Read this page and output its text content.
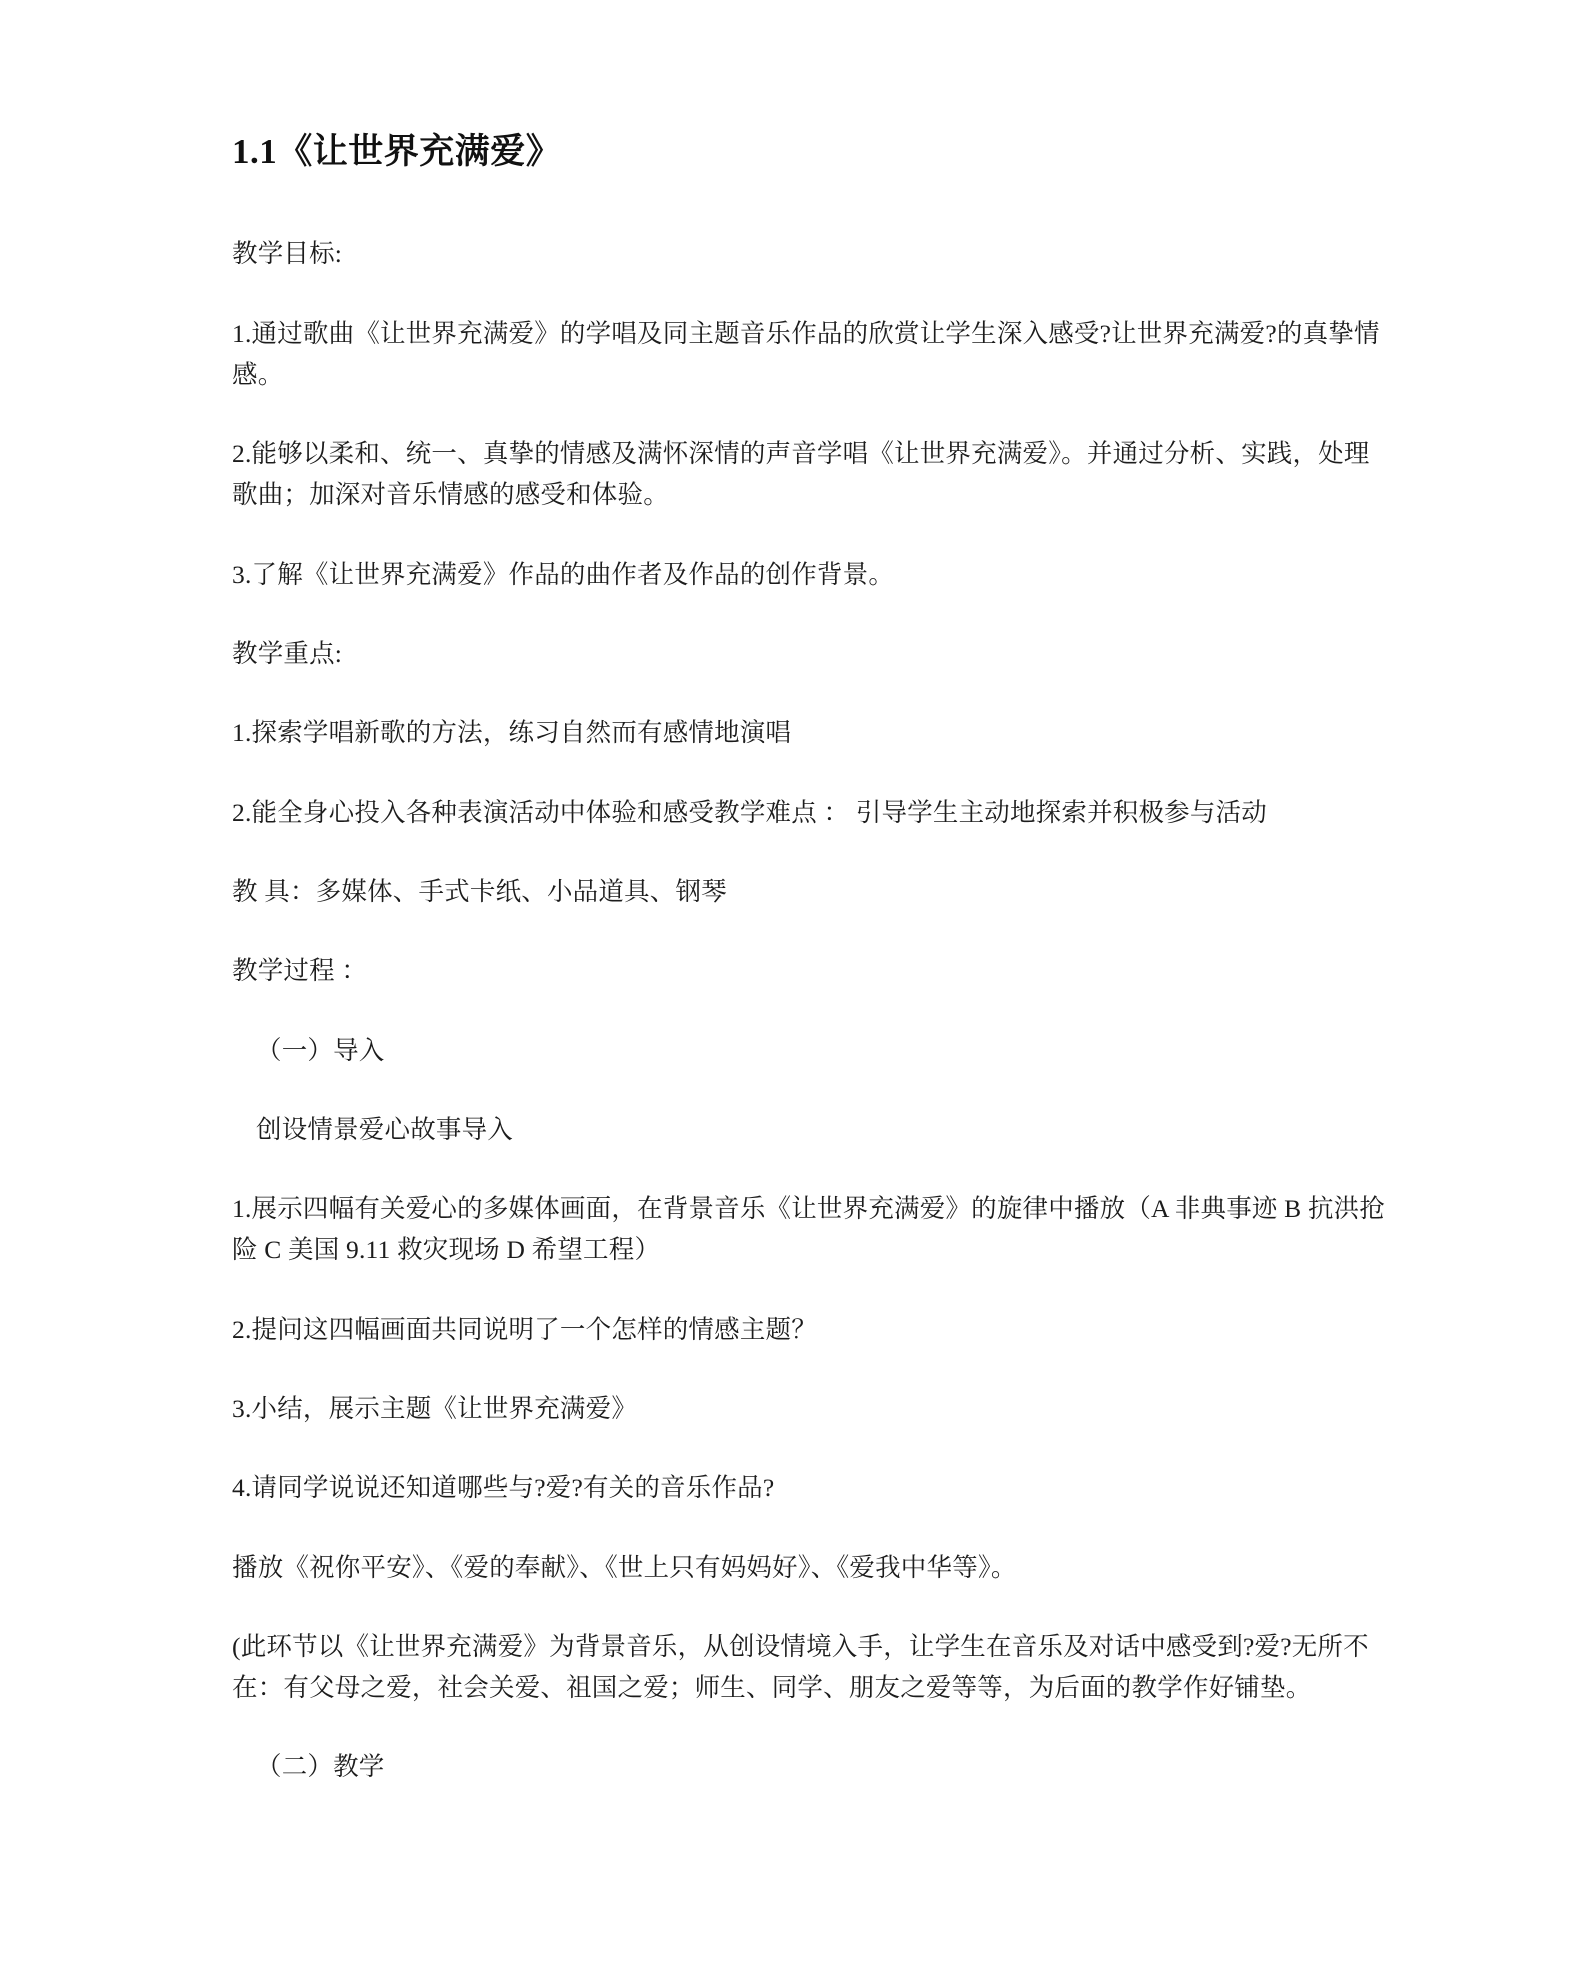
1.1《让世界充满爱》
教学目标:
1.通过歌曲《让世界充满爱》的学唱及同主题音乐作品的欣赏让学生深入感受?让世界充满爱?的真挚情感。
2.能够以柔和、统一、真挚的情感及满怀深情的声音学唱《让世界充满爱》。并通过分析、实践，处理歌曲；加深对音乐情感的感受和体验。
3.了解《让世界充满爱》作品的曲作者及作品的创作背景。
教学重点:
1.探索学唱新歌的方法，练习自然而有感情地演唱
2.能全身心投入各种表演活动中体验和感受教学难点 ： 引导学生主动地探索并积极参与活动
教 具：多媒体、手式卡纸、小品道具、钢琴
教学过程 ：
（一）导入
创设情景爱心故事导入
1.展示四幅有关爱心的多媒体画面，在背景音乐《让世界充满爱》的旋律中播放（A 非典事迹 B 抗洪抢险 C 美国 9.11 救灾现场 D 希望工程）
2.提问这四幅画面共同说明了一个怎样的情感主题？
3.小结，展示主题《让世界充满爱》
4.请同学说说还知道哪些与?爱?有关的音乐作品?
播放《祝你平安》、《爱的奉献》、《世上只有妈妈好》、《爱我中华等》。
(此环节以《让世界充满爱》为背景音乐，从创设情境入手，让学生在音乐及对话中感受到?爱?无所不在：有父母之爱，社会关爱、祖国之爱；师生、同学、朋友之爱等等，为后面的教学作好铺垫。
（二）教学
